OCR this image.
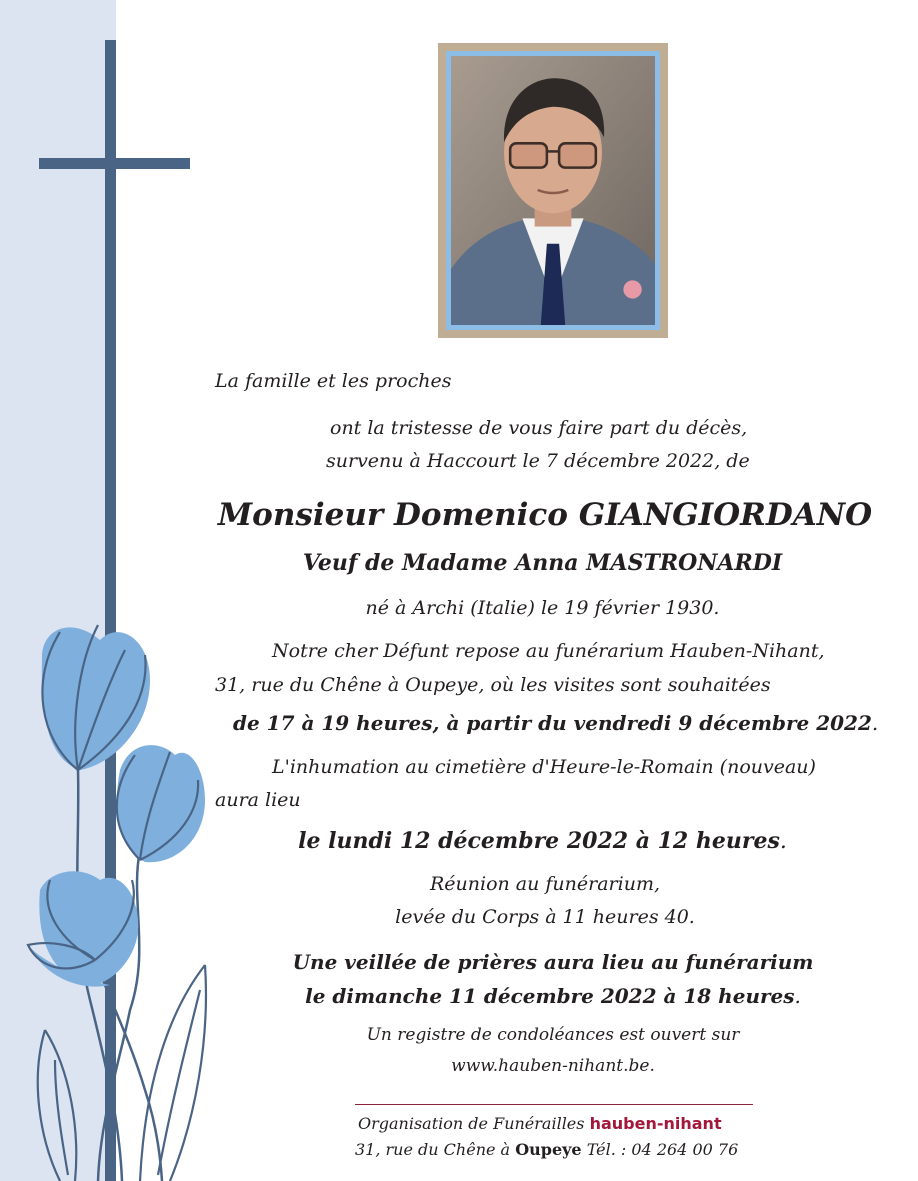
La famille et les proches

ont la tristesse de vous faire part du décès,

survenu à Haccourt le 7 décembre 2022, de

Monsieur Domenico GIANGIORDANO

Veuf de Madame Anna MASTRONARDI

né à Archi (Italie) le 19 février 1930.

Notre cher Défunt repose au funérarium Hauben-Nihant,

31, rue du Chêne à Oupeye, où les visites sont souhaitées

de 17 à 19 heures, à partir du vendredi 9 décembre 2022.

L'inhumation au cimetière d'Heure-le-Romain (nouveau)

aura lieu

le lundi 12 décembre 2022 à 12 heures.

Réunion au funérarium,

levée du Corps à 11 heures 40.

Une veillée de prières aura lieu au funérarium

le dimanche 11 décembre 2022 à 18 heures.

Un registre de condoléances est ouvert sur

www.hauben-nihant.be.

Organisation de Funérailles hauben-nihant

31, rue du Chêne à Oupeye Tél. : 04 264 00 76
